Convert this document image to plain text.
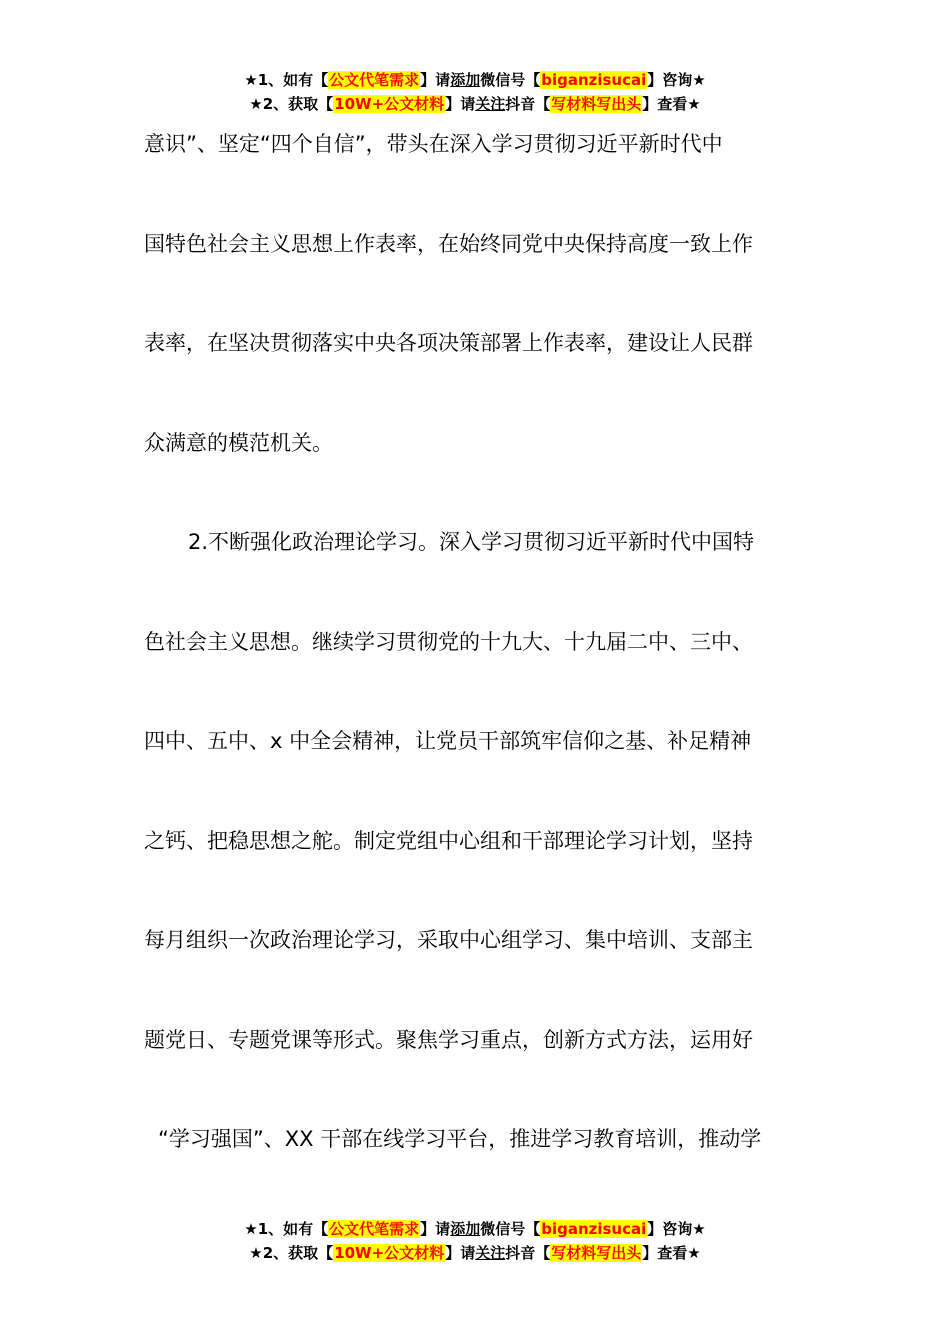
★1、如有【公文代笔需求】请添加微信号【biganzisucai】咨询★
★2、获取【10W+公文材料】请关注抖音【写材料写出头】查看★
意识”、坚定“四个自信”，带头在深入学习贯彻习近平新时代中
国特色社会主义思想上作表率，在始终同党中央保持高度一致上作
表率，在坚决贯彻落实中央各项决策部署上作表率，建设让人民群
众满意的模范机关。
2.不断强化政治理论学习。深入学习贯彻习近平新时代中国特
色社会主义思想。继续学习贯彻党的十九大、十九届二中、三中、
四中、五中、x 中全会精神，让党员干部筑牢信仰之基、补足精神
之钙、把稳思想之舵。制定党组中心组和干部理论学习计划，坚持
每月组织一次政治理论学习，采取中心组学习、集中培训、支部主
题党日、专题党课等形式。聚焦学习重点，创新方式方法，运用好
“学习强国”、XX 干部在线学习平台，推进学习教育培训，推动学
★1、如有【公文代笔需求】请添加微信号【biganzisucai】咨询★
★2、获取【10W+公文材料】请关注抖音【写材料写出头】查看★
